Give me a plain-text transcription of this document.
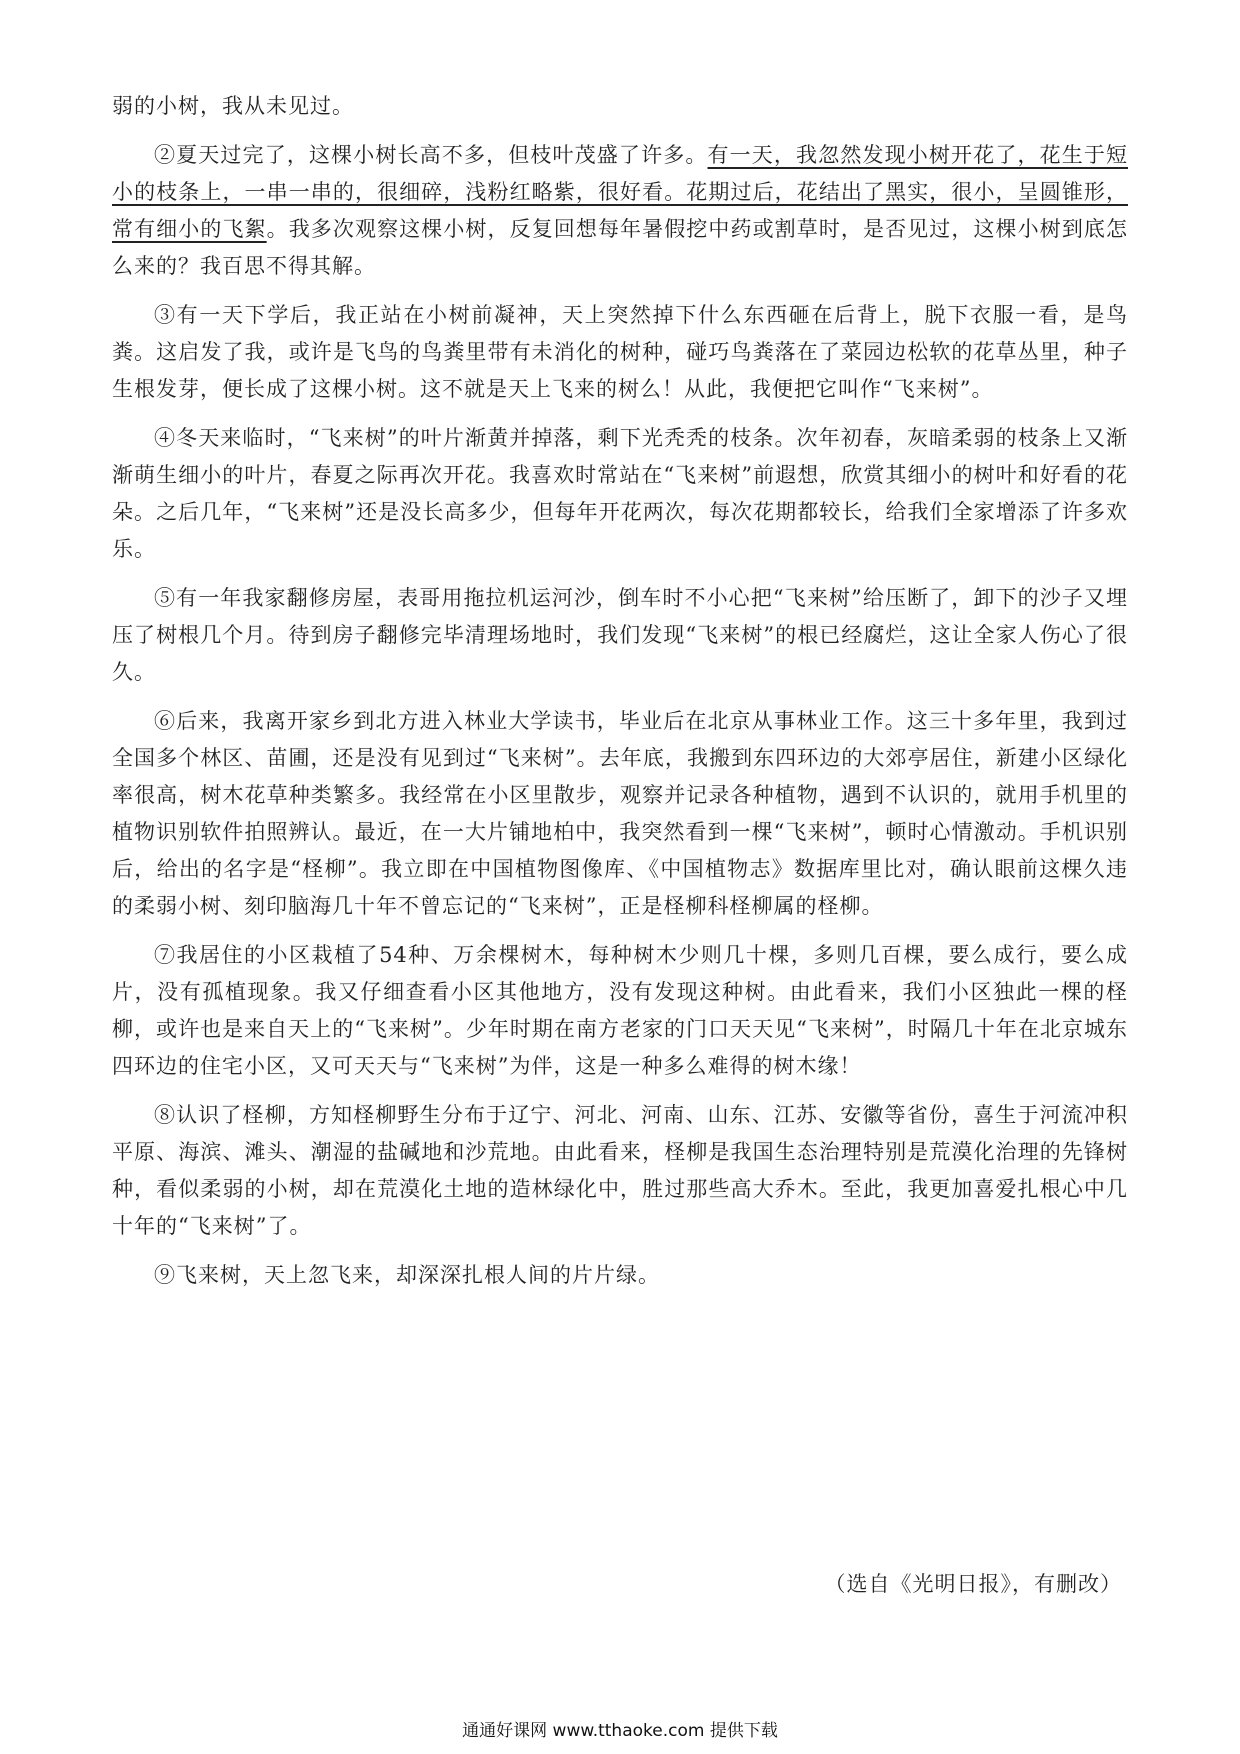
弱的小树，我从未见过。

②夏天过完了，这棵小树长高不多，但枝叶茂盛了许多。有一天，我忽然发现小树开花了，花生于短小的枝条上，一串一串的，很细碎，浅粉红略紫，很好看。花期过后，花结出了黑实，很小，呈圆锥形，常有细小的飞絮。我多次观察这棵小树，反复回想每年暑假挖中药或割草时，是否见过，这棵小树到底怎么来的？我百思不得其解。

③有一天下学后，我正站在小树前凝神，天上突然掉下什么东西砸在后背上，脱下衣服一看，是鸟粪。这启发了我，或许是飞鸟的鸟粪里带有未消化的树种，碰巧鸟粪落在了菜园边松软的花草丛里，种子生根发芽，便长成了这棵小树。这不就是天上飞来的树么！从此，我便把它叫作“飞来树”。

④冬天来临时，“飞来树”的叶片渐黄并掉落，剩下光秃秃的枝条。次年初春，灰暗柔弱的枝条上又渐渐萌生细小的叶片，春夏之际再次开花。我喜欢时常站在“飞来树”前遐想，欣赏其细小的树叶和好看的花朵。之后几年，“飞来树”还是没长高多少，但每年开花两次，每次花期都较长，给我们全家增添了许多欢乐。

⑤有一年我家翻修房屋，表哥用拖拉机运河沙，倒车时不小心把“飞来树”给压断了，卸下的沙子又埋压了树根几个月。待到房子翻修完毕清理场地时，我们发现“飞来树”的根已经腐烂，这让全家人伤心了很久。

⑥后来，我离开家乡到北方进入林业大学读书，毕业后在北京从事林业工作。这三十多年里，我到过全国多个林区、苗圃，还是没有见到过“飞来树”。去年底，我搬到东四环边的大郊亭居住，新建小区绿化率很高，树木花草种类繁多。我经常在小区里散步，观察并记录各种植物，遇到不认识的，就用手机里的植物识别软件拍照辨认。最近，在一大片铺地柏中，我突然看到一棵“飞来树”，顿时心情激动。手机识别后，给出的名字是“柽柳”。我立即在中国植物图像库、《中国植物志》数据库里比对，确认眼前这棵久违的柔弱小树、刻印脑海几十年不曾忘记的“飞来树”，正是柽柳科柽柳属的柽柳。

⑦我居住的小区栽植了54种、万余棵树木，每种树木少则几十棵，多则几百棵，要么成行，要么成片，没有孤植现象。我又仔细查看小区其他地方，没有发现这种树。由此看来，我们小区独此一棵的柽柳，或许也是来自天上的“飞来树”。少年时期在南方老家的门口天天见“飞来树”，时隔几十年在北京城东四环边的住宅小区，又可天天与“飞来树”为伴，这是一种多么难得的树木缘！

⑧认识了柽柳，方知柽柳野生分布于辽宁、河北、河南、山东、江苏、安徽等省份，喜生于河流冲积平原、海滨、滩头、潮湿的盐碱地和沙荒地。由此看来，柽柳是我国生态治理特别是荒漠化治理的先锋树种，看似柔弱的小树，却在荒漠化土地的造林绿化中，胜过那些高大乔木。至此，我更加喜爱扎根心中几十年的“飞来树”了。

⑨飞来树，天上忽飞来，却深深扎根人间的片片绿。

（选自《光明日报》，有删改）
通通好课网 www.tthaoke.com 提供下载
